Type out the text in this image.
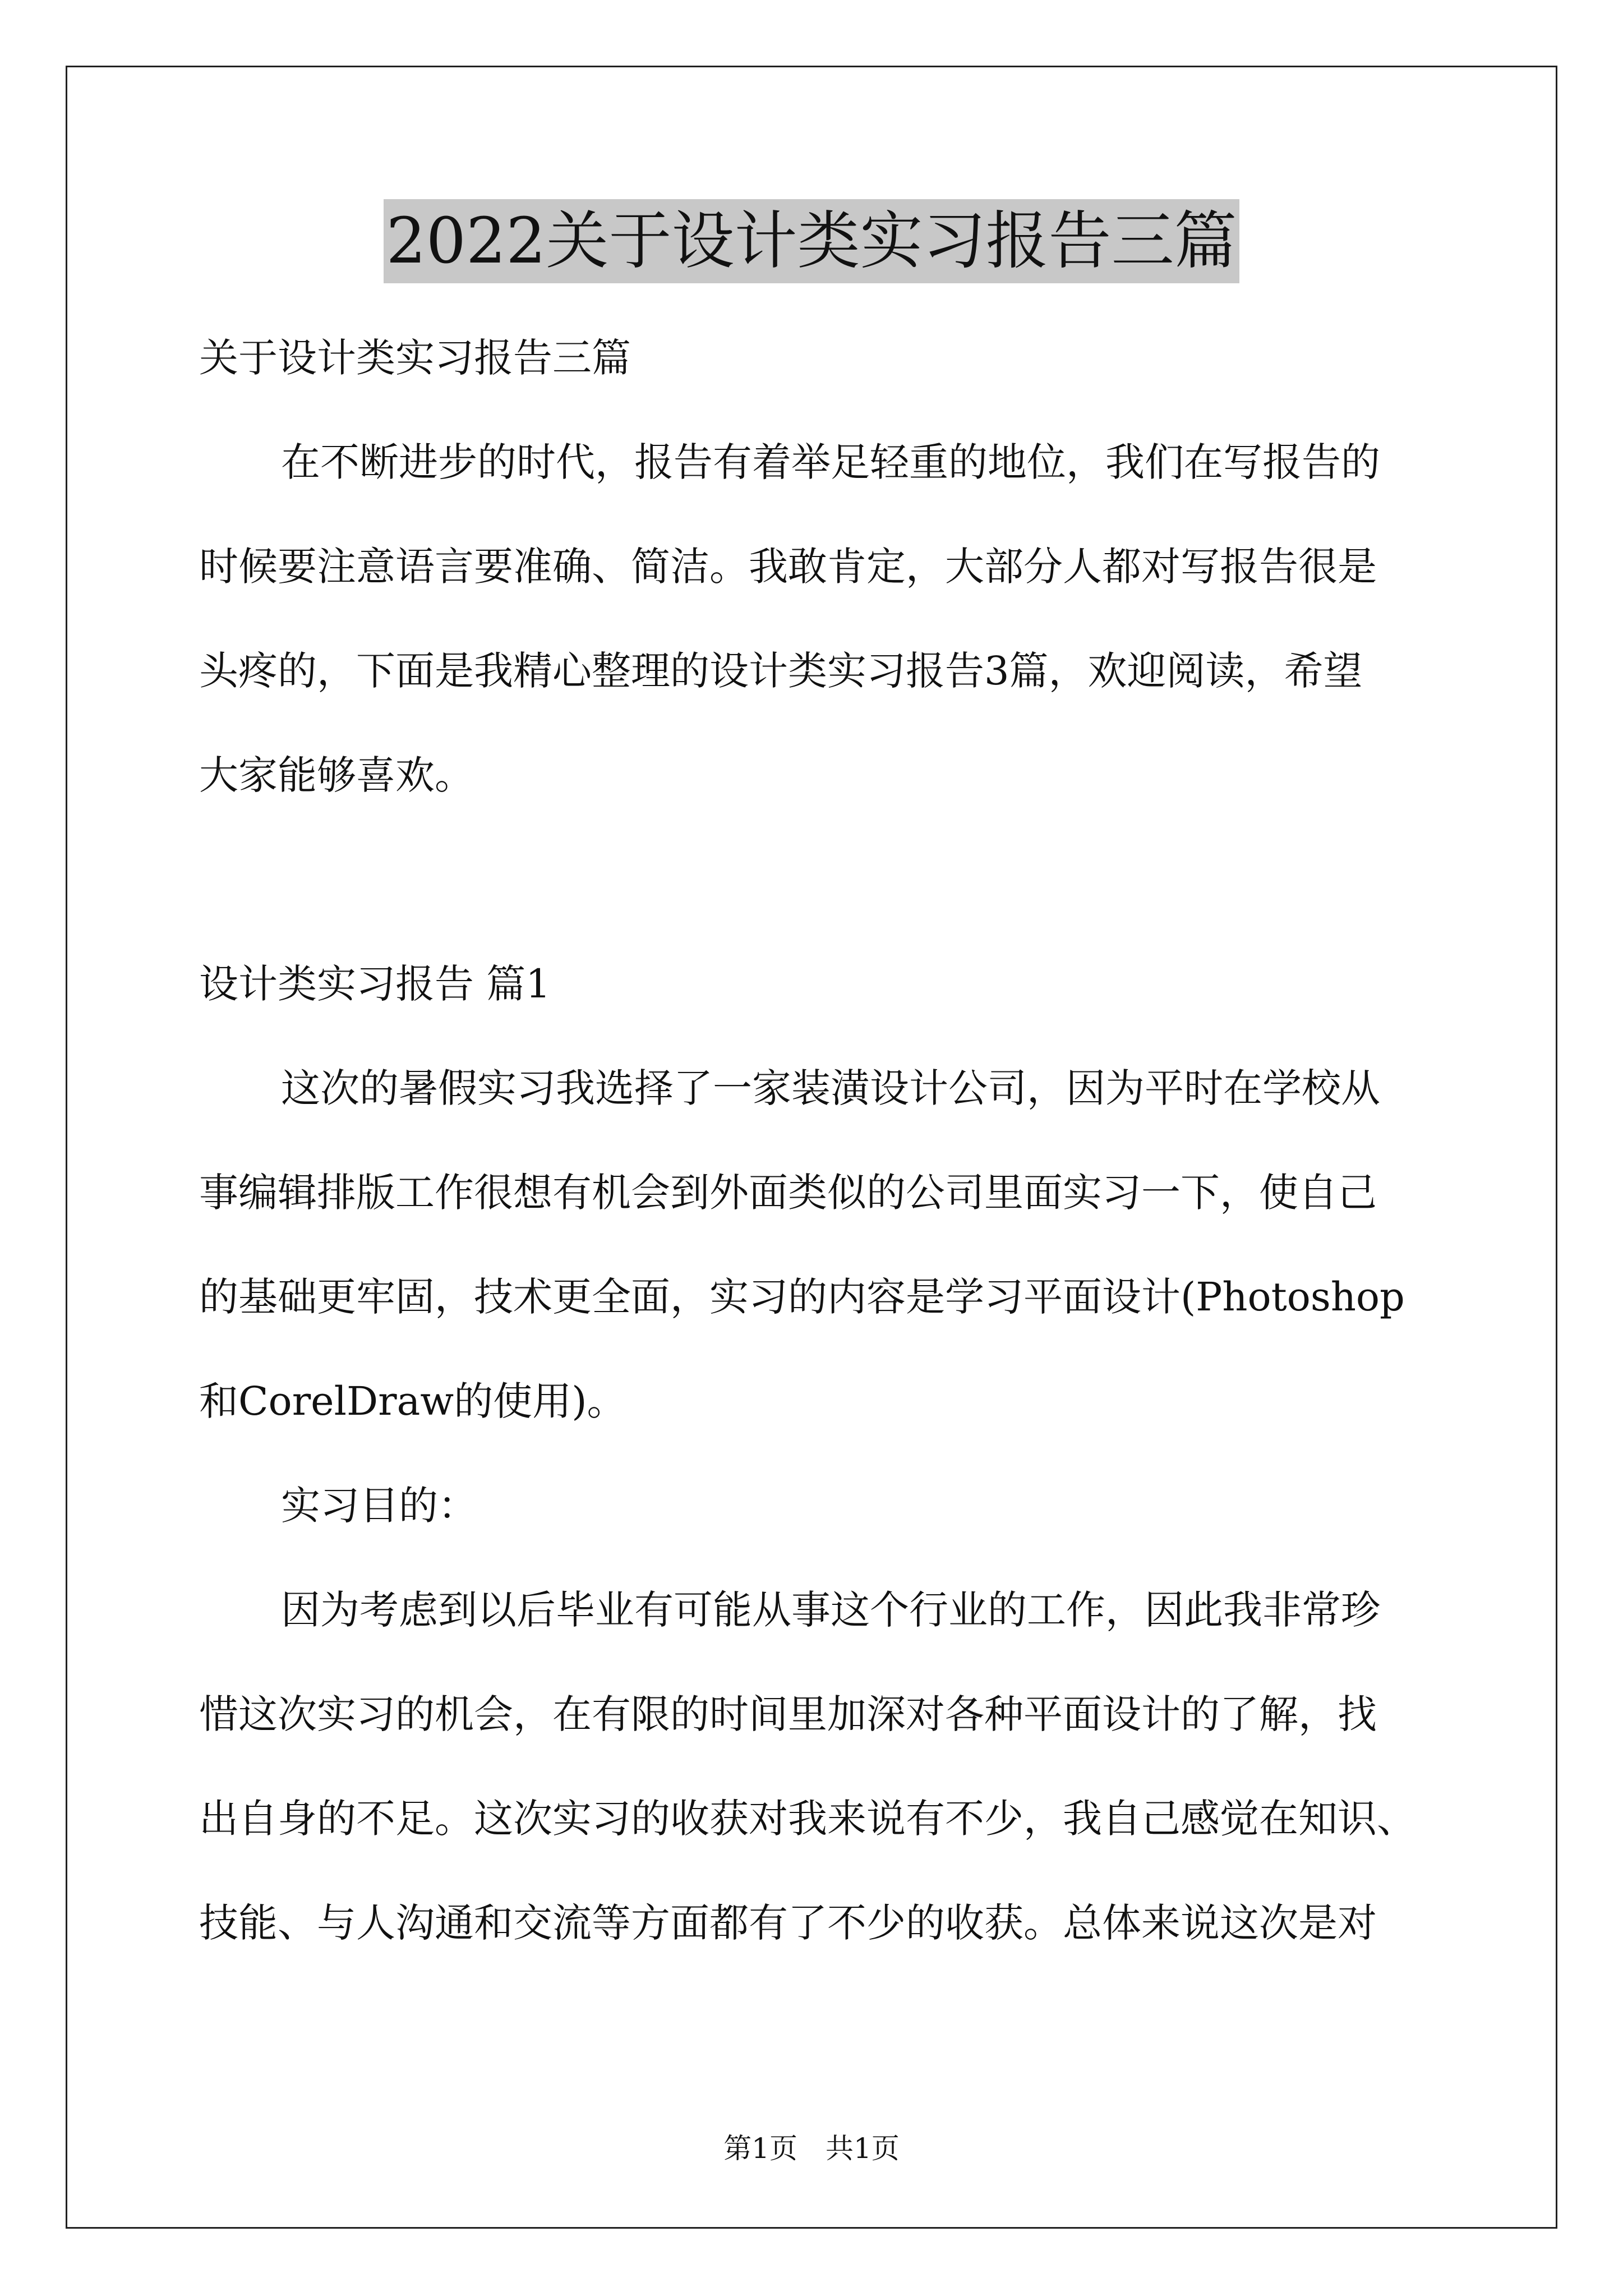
2022关于设计类实习报告三篇
关于设计类实习报告三篇
在不断进步的时代，报告有着举足轻重的地位，我们在写报告的
时候要注意语言要准确、简洁。我敢肯定，大部分人都对写报告很是
头疼的，下面是我精心整理的设计类实习报告3篇，欢迎阅读，希望
大家能够喜欢。
设计类实习报告 篇1
这次的暑假实习我选择了一家装潢设计公司，因为平时在学校从
事编辑排版工作很想有机会到外面类似的公司里面实习一下，使自己
的基础更牢固，技术更全面，实习的内容是学习平面设计(Photoshop
和CorelDraw的使用)。
实习目的：
因为考虑到以后毕业有可能从事这个行业的工作，因此我非常珍
惜这次实习的机会，在有限的时间里加深对各种平面设计的了解，找
出自身的不足。这次实习的收获对我来说有不少，我自己感觉在知识、
技能、与人沟通和交流等方面都有了不少的收获。总体来说这次是对
第1页 共1页
